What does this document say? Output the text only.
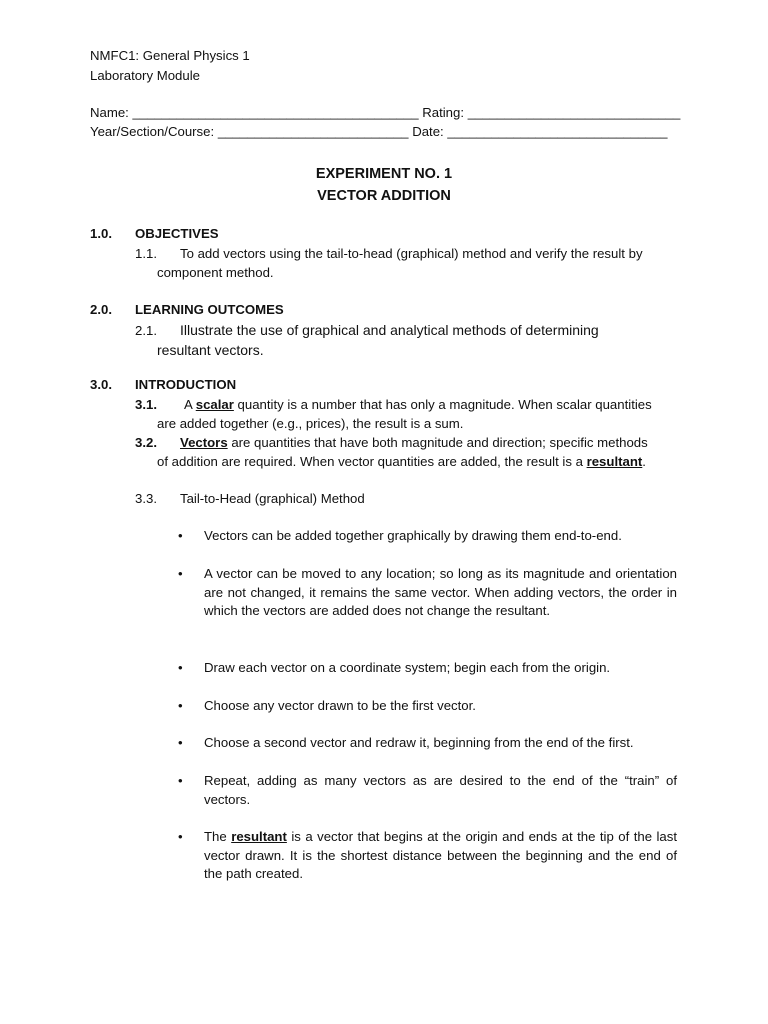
NMFC1: General Physics 1
Laboratory Module
Name: _______________________________________ Rating: _____________________________
Year/Section/Course: __________________________ Date: ______________________________
EXPERIMENT NO. 1
VECTOR ADDITION
1.0. OBJECTIVES
1.1. To add vectors using the tail-to-head (graphical) method and verify the result by
component method.
2.0. LEARNING OUTCOMES
2.1. Illustrate the use of graphical and analytical methods of determining
resultant vectors.
3.0. INTRODUCTION
3.1. A scalar quantity is a number that has only a magnitude. When scalar quantities
are added together (e.g., prices), the result is a sum.
3.2. Vectors are quantities that have both magnitude and direction; specific methods
of addition are required. When vector quantities are added, the result is a resultant.
3.3. Tail-to-Head (graphical) Method
• Vectors can be added together graphically by drawing them end-to-end.
• A vector can be moved to any location; so long as its magnitude and orientation are not changed, it remains the same vector. When adding vectors, the order in which the vectors are added does not change the resultant.
• Draw each vector on a coordinate system; begin each from the origin.
• Choose any vector drawn to be the first vector.
• Choose a second vector and redraw it, beginning from the end of the first.
• Repeat, adding as many vectors as are desired to the end of the “train” of vectors.
• The resultant is a vector that begins at the origin and ends at the tip of the last vector drawn. It is the shortest distance between the beginning and the end of the path created.
